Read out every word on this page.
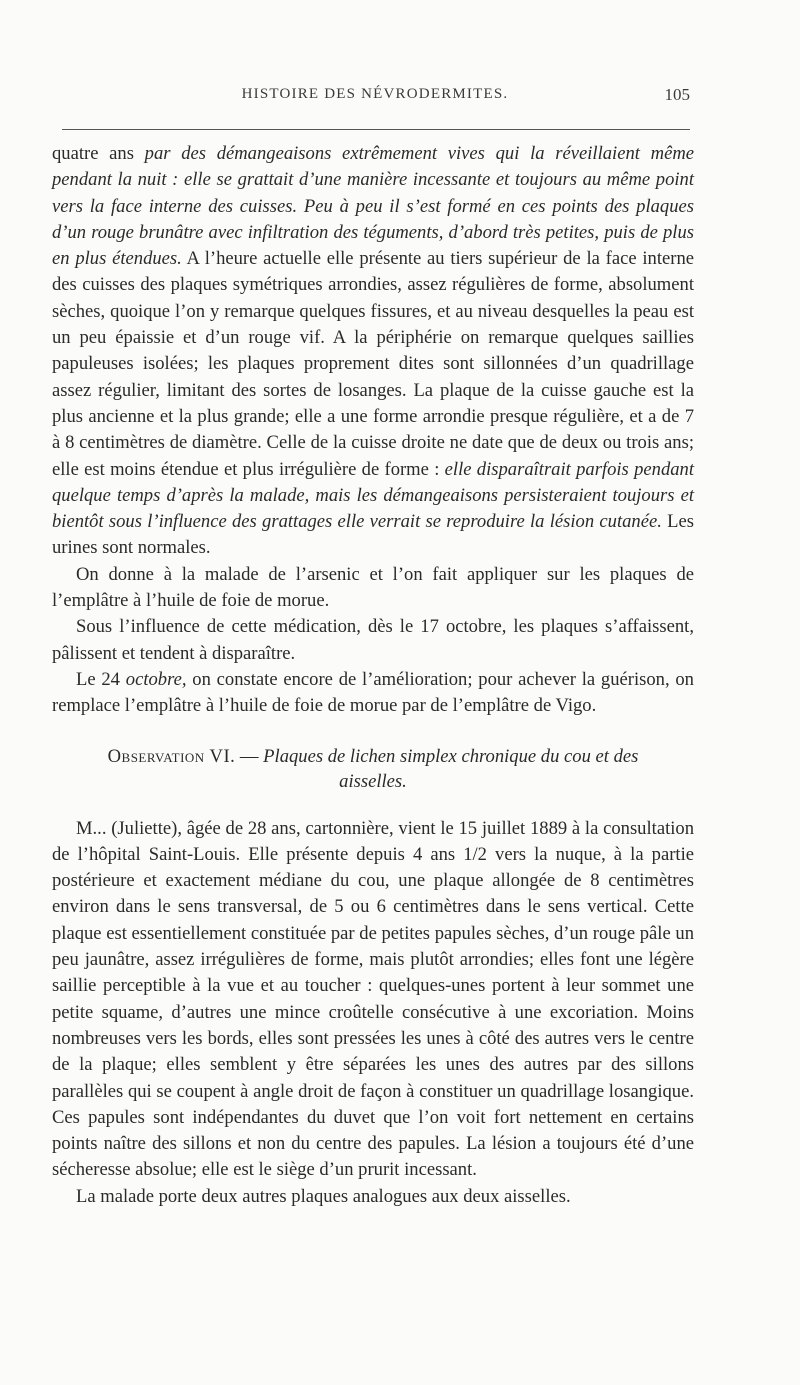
HISTOIRE DES NÉVRODERMITES.	105

quatre ans par des démangeaisons extrêmement vives qui la réveillaient même pendant la nuit : elle se grattait d’une manière incessante et toujours au même point vers la face interne des cuisses. Peu à peu il s’est formé en ces points des plaques d’un rouge brunâtre avec infiltration des téguments, d’abord très petites, puis de plus en plus étendues. A l’heure actuelle elle présente au tiers supérieur de la face interne des cuisses des plaques symétriques arrondies, assez régulières de forme, absolument sèches, quoique l’on y remarque quelques fissures, et au niveau desquelles la peau est un peu épaissie et d’un rouge vif. A la périphérie on remarque quelques saillies papuleuses isolées; les plaques proprement dites sont sillonnées d’un quadrillage assez régulier, limitant des sortes de losanges. La plaque de la cuisse gauche est la plus ancienne et la plus grande; elle a une forme arrondie presque régulière, et a de 7 à 8 centimètres de diamètre. Celle de la cuisse droite ne date que de deux ou trois ans; elle est moins étendue et plus irrégulière de forme : elle disparaîtrait parfois pendant quelque temps d’après la malade, mais les démangeaisons persisteraient toujours et bientôt sous l’influence des grattages elle verrait se reproduire la lésion cutanée. Les urines sont normales.

On donne à la malade de l’arsenic et l’on fait appliquer sur les plaques de l’emplâtre à l’huile de foie de morue.

Sous l’influence de cette médication, dès le 17 octobre, les plaques s’affaissent, pâlissent et tendent à disparaître.

Le 24 octobre, on constate encore de l’amélioration; pour achever la guérison, on remplace l’emplâtre à l’huile de foie de morue par de l’emplâtre de Vigo.

Observation VI. — Plaques de lichen simplex chronique du cou et des aisselles.

M... (Juliette), âgée de 28 ans, cartonnière, vient le 15 juillet 1889 à la consultation de l’hôpital Saint-Louis. Elle présente depuis 4 ans 1/2 vers la nuque, à la partie postérieure et exactement médiane du cou, une plaque allongée de 8 centimètres environ dans le sens transversal, de 5 ou 6 centimètres dans le sens vertical. Cette plaque est essentiellement constituée par de petites papules sèches, d’un rouge pâle un peu jaunâtre, assez irrégulières de forme, mais plutôt arrondies; elles font une légère saillie perceptible à la vue et au toucher : quelques-unes portent à leur sommet une petite squame, d’autres une mince croûtelle consécutive à une excoriation. Moins nombreuses vers les bords, elles sont pressées les unes à côté des autres vers le centre de la plaque; elles semblent y être séparées les unes des autres par des sillons parallèles qui se coupent à angle droit de façon à constituer un quadrillage losangique. Ces papules sont indépendantes du duvet que l’on voit fort nettement en certains points naître des sillons et non du centre des papules. La lésion a toujours été d’une sécheresse absolue; elle est le siège d’un prurit incessant.

La malade porte deux autres plaques analogues aux deux aisselles.
